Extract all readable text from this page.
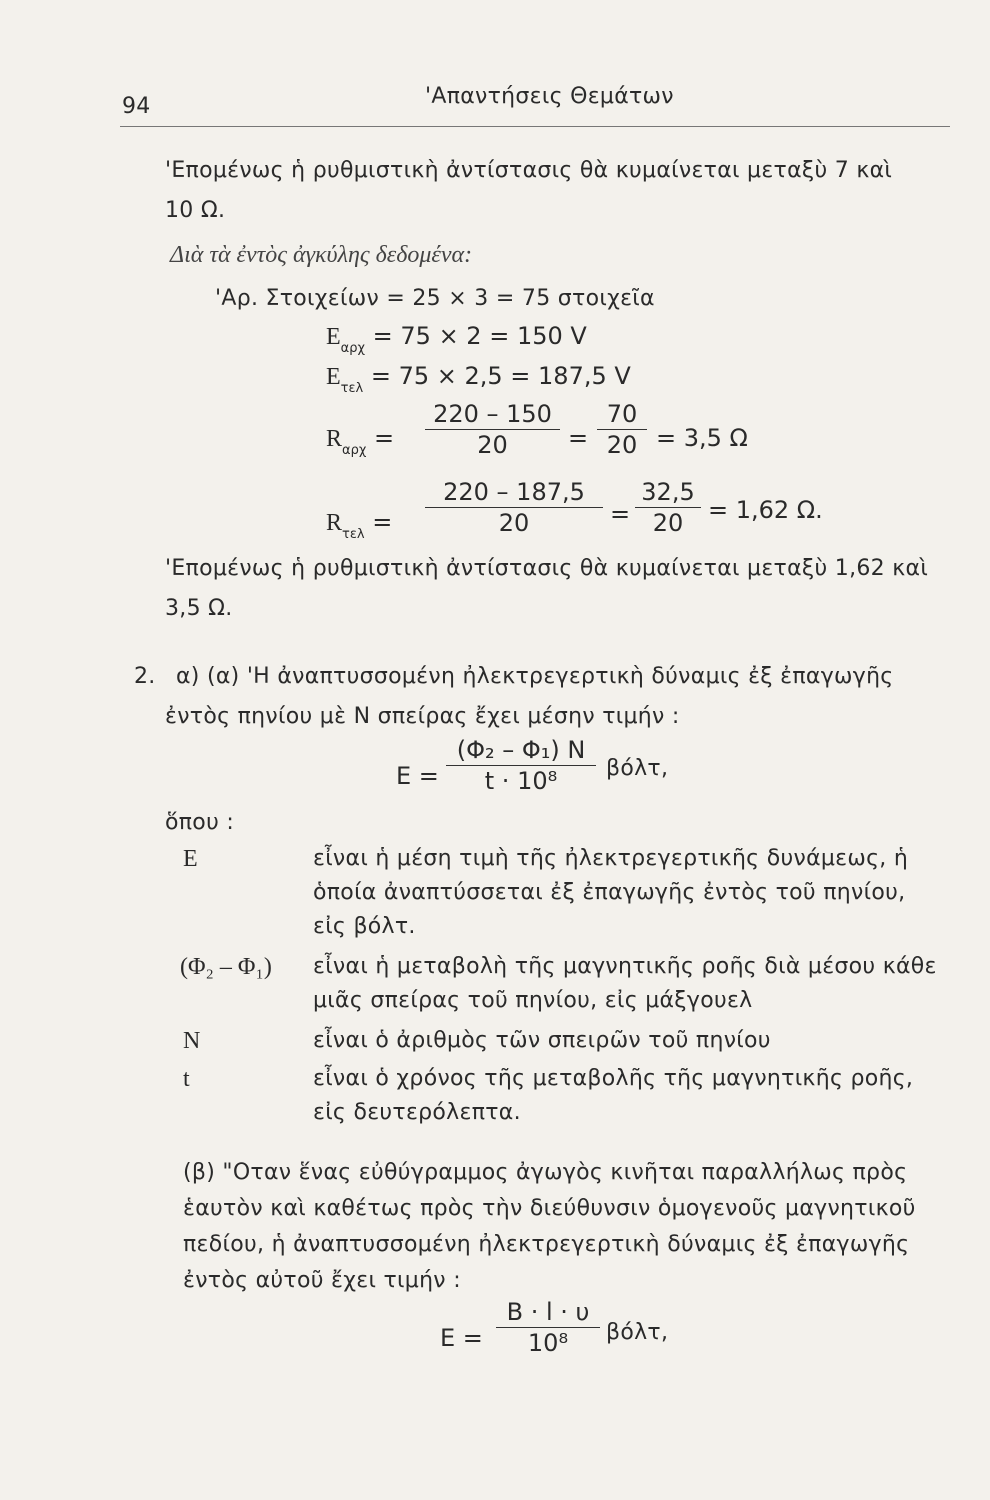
94	'Απαντήσεις Θεμάτων
'Επομένως ἡ ρυθμιστικὴ ἀντίστασις θὰ κυμαίνεται μεταξὺ 7 καὶ
10 Ω.
Διὰ τὰ ἐντὸς ἀγκύλης δεδομένα:
'Αρ. Στοιχείων = 25 × 3 = 75 στοιχεῖα
$E_{\alpha\rho\chi} = 75 \times 2 = 150$ V
$E_{\tau\varepsilon\lambda} = 75 \times 2,5 = 187,5$ V
$R_{\alpha\rho\chi}$ =
220 – 150
20	=
70
20 = 3,5 Ω
$R_{\tau\varepsilon\lambda}$ =
220 – 187,5
20	=
32,5
20	= 1,62 Ω.
'Επομένως ἡ ρυθμιστικὴ ἀντίστασις θὰ κυμαίνεται μεταξὺ 1,62 καὶ
3,5 Ω.
2. α) (α) 'Η ἀναπτυσσομένη ἠλεκτρεγερτικὴ δύναμις ἐξ ἐπαγωγῆς
ἐντὸς πηνίου μὲ N σπείρας ἔχει μέσην τιμήν :
E =
(Φ₂ – Φ₁) N
t · 10⁸	βόλτ,
ὅπου :
E	εἶναι ἡ μέση τιμὴ τῆς ἠλεκτρεγερτικῆς δυνάμεως, ἡ
ὁποία ἀναπτύσσεται ἐξ ἐπαγωγῆς ἐντὸς τοῦ πηνίου,
εἰς βόλτ.
(Φ₂ – Φ₁) εἶναι ἡ μεταβολὴ τῆς μαγνητικῆς ροῆς διὰ μέσου κάθε
μιᾶς σπείρας τοῦ πηνίου, εἰς μάξγουελ
N	εἶναι ὁ ἀριθμὸς τῶν σπειρῶν τοῦ πηνίου
t	εἶναι ὁ χρόνος τῆς μεταβολῆς τῆς μαγνητικῆς ροῆς,
εἰς δευτερόλεπτα.
(β) "Οταν ἕνας εὐθύγραμμος ἀγωγὸς κινῆται παραλλήλως πρὸς
ἑαυτὸν καὶ καθέτως πρὸς τὴν διεύθυνσιν ὁμογενοῦς μαγνητικοῦ
πεδίου, ἡ ἀναπτυσσομένη ἠλεκτρεγερτικὴ δύναμις ἐξ ἐπαγωγῆς
ἐντὸς αὐτοῦ ἔχει τιμήν :
E =
B · l · υ
10⁸	βόλτ,
